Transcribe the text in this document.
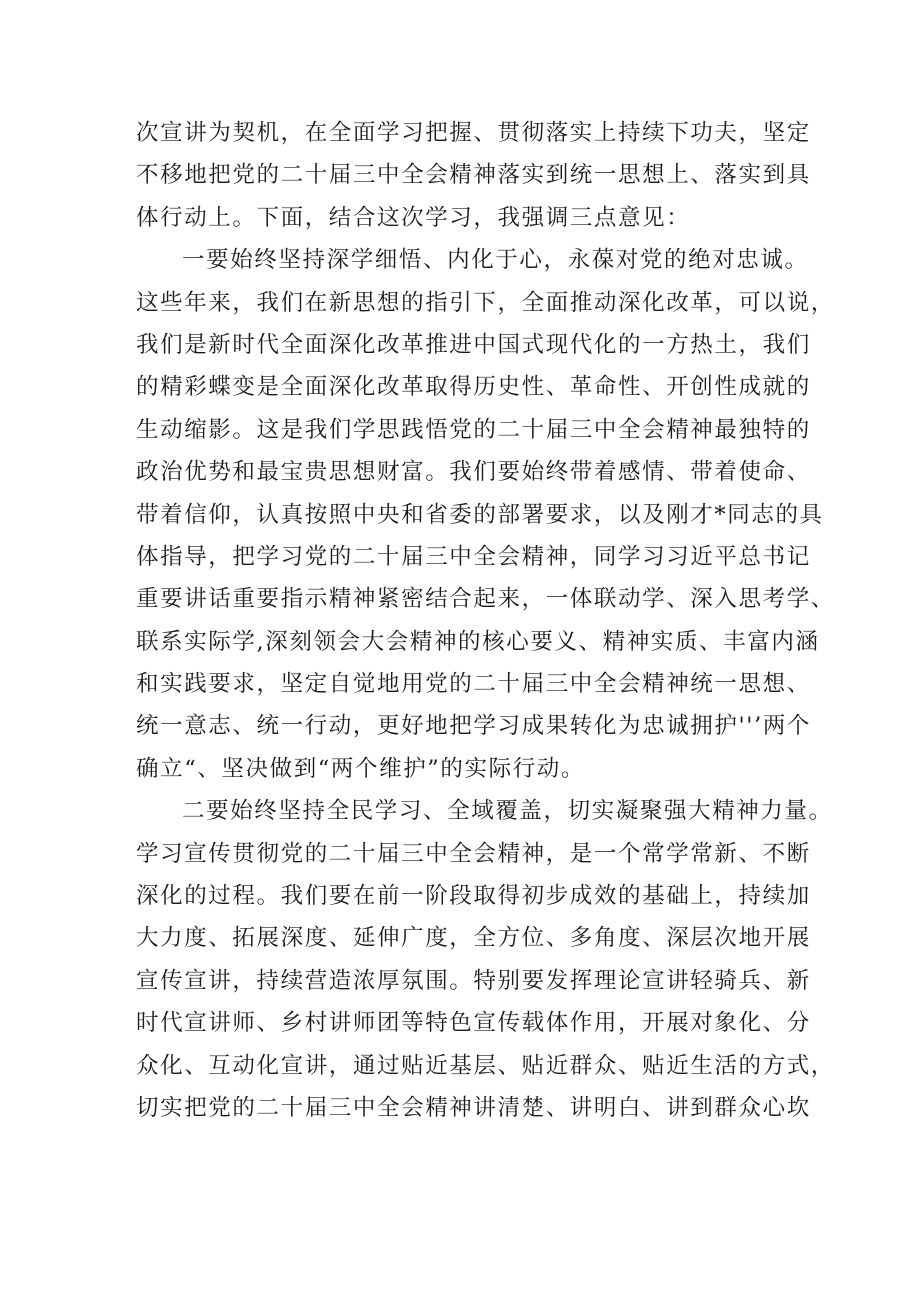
次宣讲为契机，在全面学习把握、贯彻落实上持续下功夫，坚定
不移地把党的二十届三中全会精神落实到统一思想上、落实到具
体行动上。下面，结合这次学习，我强调三点意见：
一要始终坚持深学细悟、内化于心，永葆对党的绝对忠诚。
这些年来，我们在新思想的指引下，全面推动深化改革，可以说，
我们是新时代全面深化改革推进中国式现代化的一方热土，我们
的精彩蝶变是全面深化改革取得历史性、革命性、开创性成就的
生动缩影。这是我们学思践悟党的二十届三中全会精神最独特的
政治优势和最宝贵思想财富。我们要始终带着感情、带着使命、
带着信仰，认真按照中央和省委的部署要求，以及刚才*同志的具
体指导，把学习党的二十届三中全会精神，同学习习近平总书记
重要讲话重要指示精神紧密结合起来，一体联动学、深入思考学、
联系实际学,深刻领会大会精神的核心要义、精神实质、丰富内涵
和实践要求，坚定自觉地用党的二十届三中全会精神统一思想、
统一意志、统一行动，更好地把学习成果转化为忠诚拥护''’两个
确立“、坚决做到“两个维护”的实际行动。
二要始终坚持全民学习、全域覆盖，切实凝聚强大精神力量。
学习宣传贯彻党的二十届三中全会精神，是一个常学常新、不断
深化的过程。我们要在前一阶段取得初步成效的基础上，持续加
大力度、拓展深度、延伸广度，全方位、多角度、深层次地开展
宣传宣讲，持续营造浓厚氛围。特别要发挥理论宣讲轻骑兵、新
时代宣讲师、乡村讲师团等特色宣传载体作用，开展对象化、分
众化、互动化宣讲，通过贴近基层、贴近群众、贴近生活的方式，
切实把党的二十届三中全会精神讲清楚、讲明白、讲到群众心坎
